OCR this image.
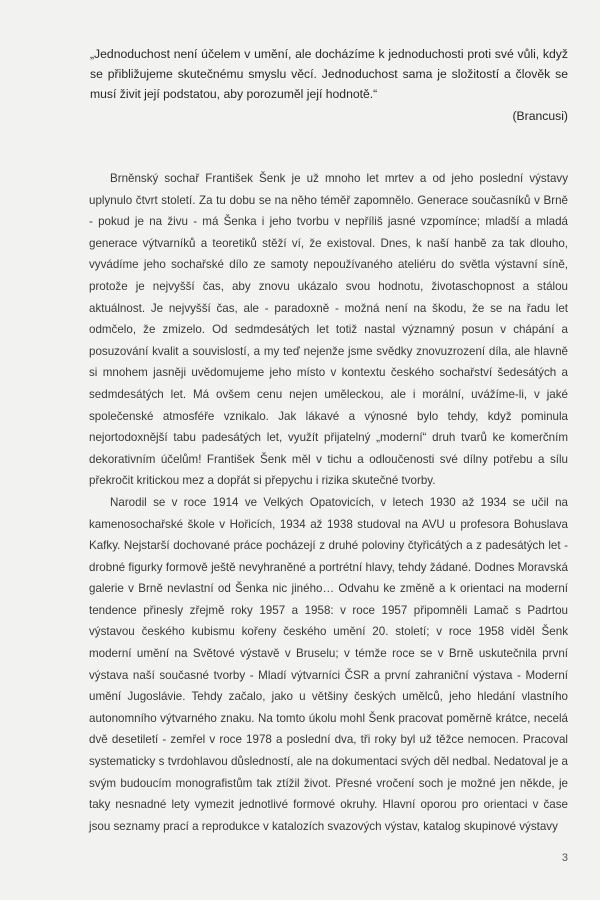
„Jednoduchost není účelem v umění, ale docházíme k jednoduchosti proti své vůli, když se přibližujeme skutečnému smyslu věcí. Jednoduchost sama je složitostí a člověk se musí živit její podstatou, aby porozuměl její hodnotě.“

(Brancusi)

Brněnský sochař František Šenk je už mnoho let mrtev a od jeho poslední výstavy uplynulo čtvrt století. Za tu dobu se na něho téměř zapomnělo. Generace současníků v Brně - pokud je na živu - má Šenka i jeho tvorbu v nepříliš jasné vzpomínce; mladší a mladá generace výtvarníků a teoretiků stěží ví, že existoval. Dnes, k naší hanbě za tak dlouho, vyvádíme jeho sochařské dílo ze samoty nepoužívaného ateliéru do světla výstavní síně, protože je nejvyšší čas, aby znovu ukázalo svou hodnotu, životaschopnost a stálou aktuálnost. Je nejvyšší čas, ale - paradoxně - možná není na škodu, že se na řadu let odmčelo, že zmizelo. Od sedmdesátých let totiž nastal významný posun v chápání a posuzování kvalit a souvislostí, a my teď nejenže jsme svědky znovuzrození díla, ale hlavně si mnohem jasněji uvědomujeme jeho místo v kontextu českého sochařství šedesátých a sedmdesátých let. Má ovšem cenu nejen uměleckou, ale i morální, uvážíme-li, v jaké společenské atmosféře vznikalo. Jak lákavé a výnosné bylo tehdy, když pominula nejortodoxnější tabu padesátých let, využít přijatelný „moderní“ druh tvarů ke komerčním dekorativním účelům! František Šenk měl v tichu a odloučenosti své dílny potřebu a sílu překročit kritickou mez a dopřát si přepychu i rizika skutečné tvorby.

Narodil se v roce 1914 ve Velkých Opatovicích, v letech 1930 až 1934 se učil na kamenosochařské škole v Hořicích, 1934 až 1938 studoval na AVU u profesora Bohuslava Kafky. Nejstarší dochované práce pocházejí z druhé poloviny čtyřicátých a z padesátých let - drobné figurky formově ještě nevyhraněné a portrétní hlavy, tehdy žádané. Dodnes Moravská galerie v Brně nevlastní od Šenka nic jiného… Odvahu ke změně a k orientaci na moderní tendence přinesly zřejmě roky 1957 a 1958: v roce 1957 připomněli Lamač s Padrtou výstavou českého kubismu kořeny českého umění 20. století; v roce 1958 viděl Šenk moderní umění na Světové výstavě v Bruselu; v témže roce se v Brně uskutečnila první výstava naší současné tvorby - Mladí výtvarníci ČSR a první zahraniční výstava - Moderní umění Jugoslávie. Tehdy začalo, jako u většiny českých umělců, jeho hledání vlastního autonomního výtvarného znaku. Na tomto úkolu mohl Šenk pracovat poměrně krátce, necelá dvě desetiletí - zemřel v roce 1978 a poslední dva, tři roky byl už těžce nemocen. Pracoval systematicky s tvrdohlavou důsledností, ale na dokumentaci svých děl nedbal. Nedatoval je a svým budoucím monografistům tak ztížil život. Přesné vročení soch je možné jen někde, je taky nesnadné lety vymezit jednotlivé formové okruhy. Hlavní oporou pro orientaci v čase jsou seznamy prací a reprodukce v katalozích svazových výstav, katalog skupinové výstavy

3
